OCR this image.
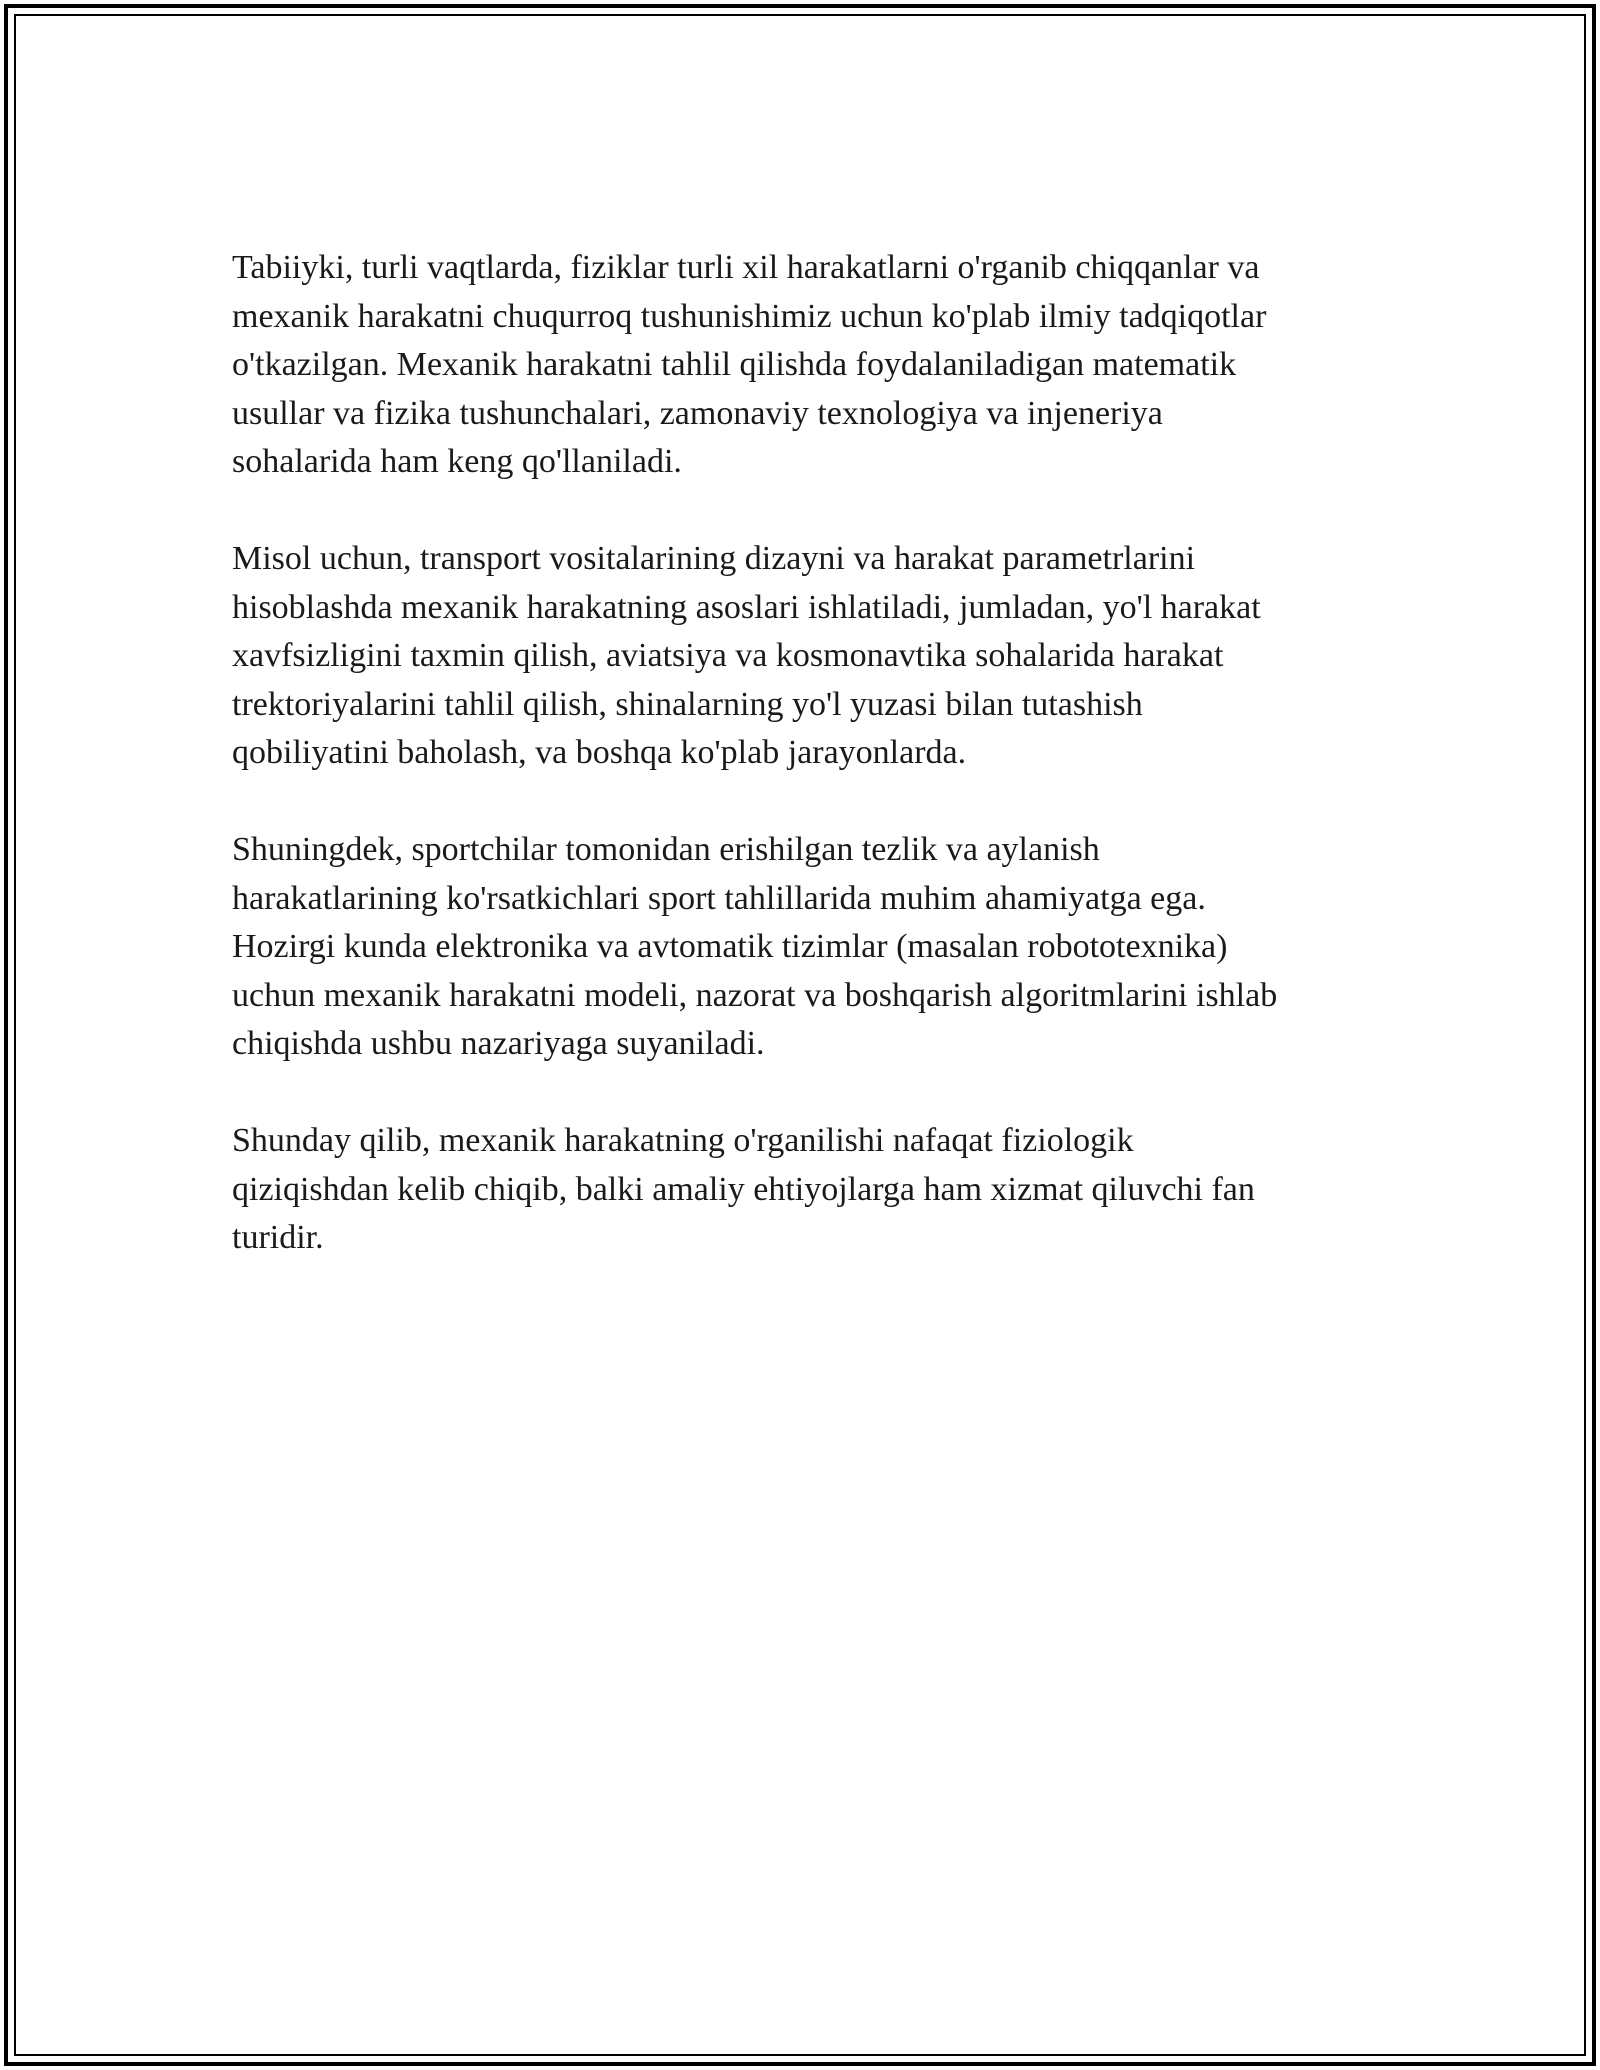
Tabiiyki, turli vaqtlarda, fiziklar turli xil harakatlarni o'rganib chiqqanlar va
mexanik harakatni chuqurroq tushunishimiz uchun ko'plab ilmiy tadqiqotlar
o'tkazilgan. Mexanik harakatni tahlil qilishda foydalaniladigan matematik
usullar va fizika tushunchalari, zamonaviy texnologiya va injeneriya
sohalarida ham keng qo'llaniladi.

Misol uchun, transport vositalarining dizayni va harakat parametrlarini
hisoblashda mexanik harakatning asoslari ishlatiladi, jumladan, yo'l harakat
xavfsizligini taxmin qilish, aviatsiya va kosmonavtika sohalarida harakat
trektoriyalarini tahlil qilish, shinalarning yo'l yuzasi bilan tutashish
qobiliyatini baholash, va boshqa ko'plab jarayonlarda.

Shuningdek, sportchilar tomonidan erishilgan tezlik va aylanish
harakatlarining ko'rsatkichlari sport tahlillarida muhim ahamiyatga ega.
Hozirgi kunda elektronika va avtomatik tizimlar (masalan robototexnika)
uchun mexanik harakatni modeli, nazorat va boshqarish algoritmlarini ishlab
chiqishda ushbu nazariyaga suyaniladi.

Shunday qilib, mexanik harakatning o'rganilishi nafaqat fiziologik
qiziqishdan kelib chiqib, balki amaliy ehtiyojlarga ham xizmat qiluvchi fan
turidir.
